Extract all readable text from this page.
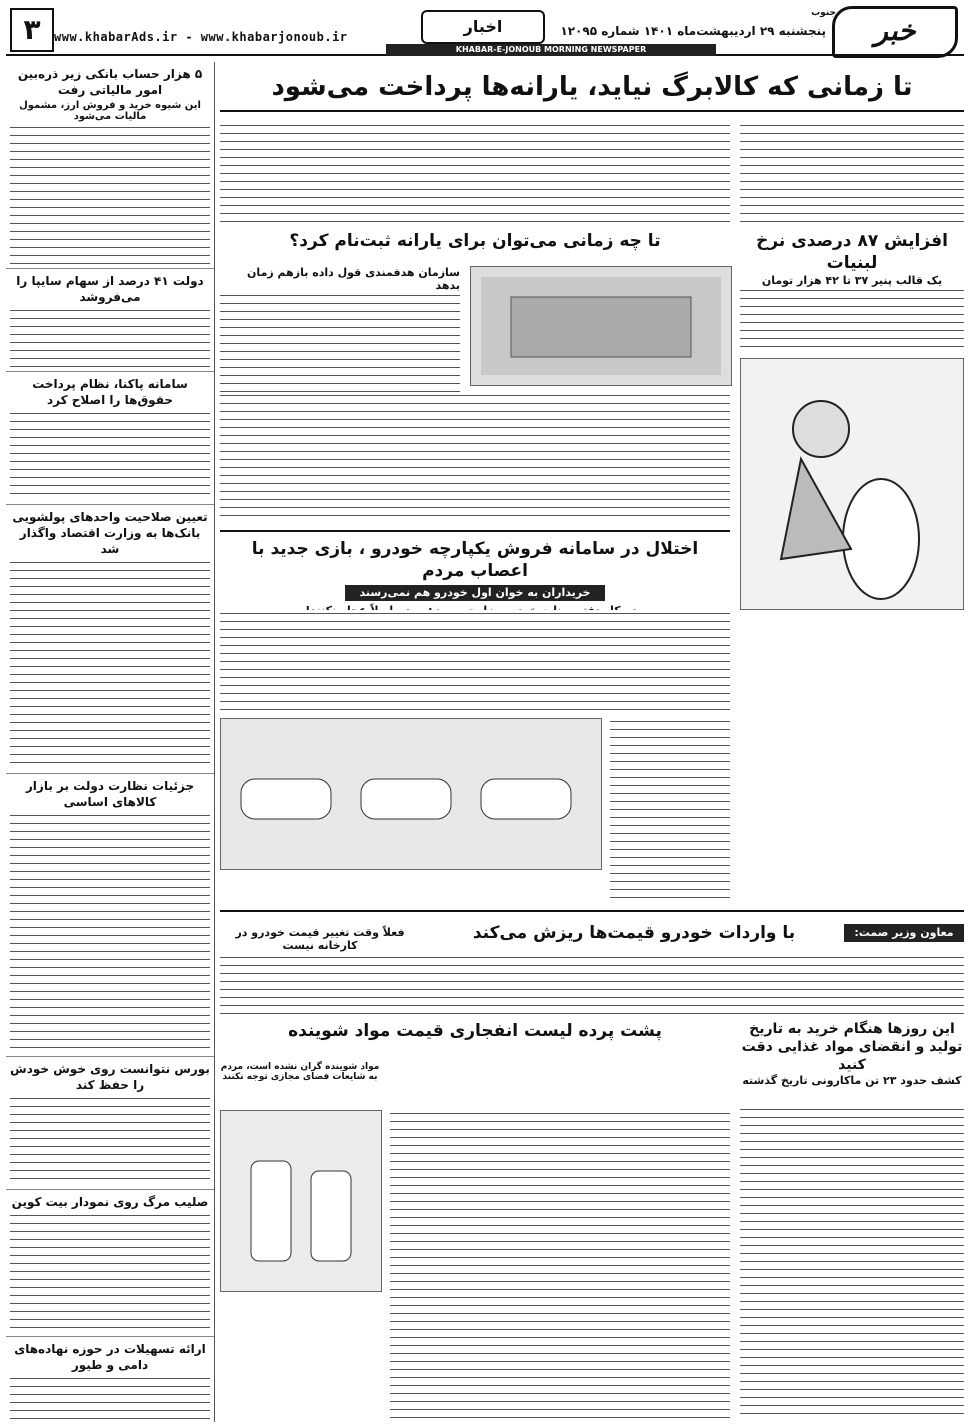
۳	www.khabarAds.ir - www.khabarjonoub.ir
اخبار
KHABAR-E-JONOUB MORNING NEWSPAPER
خبر
جنوب
پنجشنبه ۲۹ اردیبهشت‌ماه ۱۴۰۱ شماره ۱۲۰۹۵
۵ هزار حساب بانکی زیر ذره‌بین امور مالیاتی رفت
این شیوه خرید و فروش ارز، مشمول مالیات می‌شود
دولت ۴۱ درصد از سهام سایپا را می‌فروشد
سامانه پاکنا، نظام پرداخت حقوق‌ها را اصلاح کرد
تعیین صلاحیت واحدهای پولشویی بانک‌ها به وزارت اقتصاد واگذار شد
جزئیات نظارت دولت بر بازار کالاهای اساسی
بورس نتوانست روی خوش خودش را حفظ کند
صلیب مرگ روی نمودار بیت کوین
ارائه تسهیلات در حوزه نهاده‌های دامی و طیور
تا زمانی که کالابرگ نیاید، یارانه‌ها پرداخت می‌شود
افزایش ۸۷ درصدی نرخ لبنیات
یک قالب پنیر ۳۷ تا ۴۲ هزار تومان
تا چه زمانی می‌توان برای یارانه ثبت‌نام کرد؟
سازمان هدفمندی قول داده بازهم زمان بدهد
اختلال در سامانه فروش یکپارچه خودرو ، بازی جدید با اعصاب مردم
خریداران به خوان اول خودرو هم نمی‌رسند
معاون وزیر صمت:
با واردات خودرو قیمت‌ها ریزش می‌کند
فعلاً وقت تغییر قیمت خودرو در کارخانه نیست
این روزها هنگام خرید به تاریخ تولید و انقضای مواد غذایی دقت کنید
کشف حدود ۲۳ تن ماکارونی تاریخ گذشته
پشت پرده لیست انفجاری قیمت مواد شوینده
مواد شوینده گران نشده است، مردم به شایعات فضای مجازی توجه نکنند
